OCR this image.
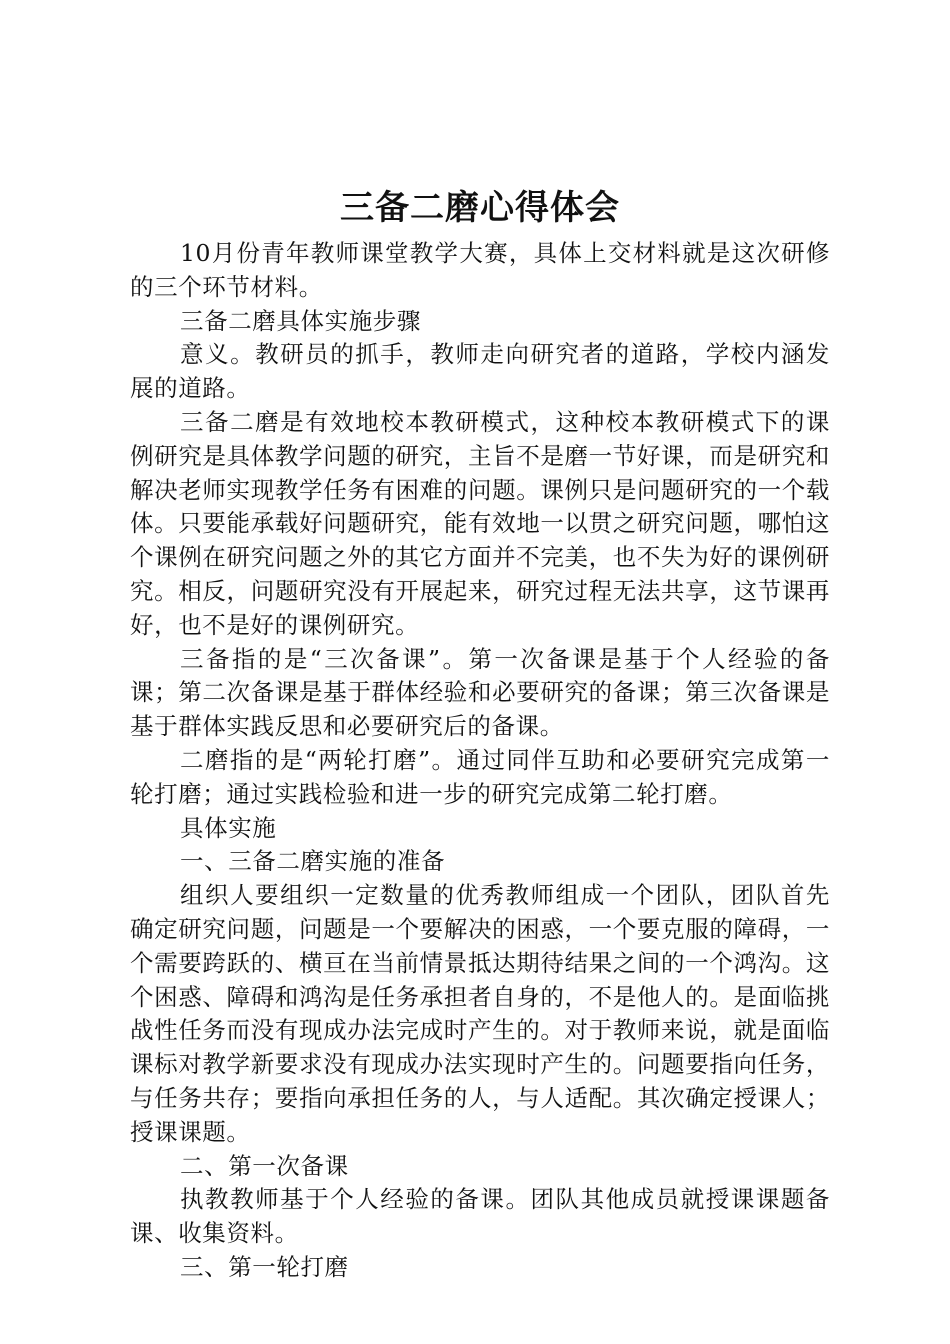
三备二磨心得体会

10月份青年教师课堂教学大赛，具体上交材料就是这次研修的三个环节材料。

三备二磨具体实施步骤

意义。教研员的抓手，教师走向研究者的道路，学校内涵发展的道路。

三备二磨是有效地校本教研模式，这种校本教研模式下的课例研究是具体教学问题的研究，主旨不是磨一节好课，而是研究和解决老师实现教学任务有困难的问题。课例只是问题研究的一个载体。只要能承载好问题研究，能有效地一以贯之研究问题，哪怕这个课例在研究问题之外的其它方面并不完美，也不失为好的课例研究。相反，问题研究没有开展起来，研究过程无法共享，这节课再好，也不是好的课例研究。

三备指的是“三次备课”。第一次备课是基于个人经验的备课；第二次备课是基于群体经验和必要研究的备课；第三次备课是基于群体实践反思和必要研究后的备课。

二磨指的是“两轮打磨”。通过同伴互助和必要研究完成第一轮打磨；通过实践检验和进一步的研究完成第二轮打磨。

具体实施

一、三备二磨实施的准备

组织人要组织一定数量的优秀教师组成一个团队，团队首先确定研究问题，问题是一个要解决的困惑，一个要克服的障碍，一个需要跨跃的、横亘在当前情景抵达期待结果之间的一个鸿沟。这个困惑、障碍和鸿沟是任务承担者自身的，不是他人的。是面临挑战性任务而没有现成办法完成时产生的。对于教师来说，就是面临课标对教学新要求没有现成办法实现时产生的。问题要指向任务，与任务共存；要指向承担任务的人，与人适配。其次确定授课人；授课课题。

二、第一次备课

执教教师基于个人经验的备课。团队其他成员就授课课题备课、收集资料。

三、第一轮打磨
